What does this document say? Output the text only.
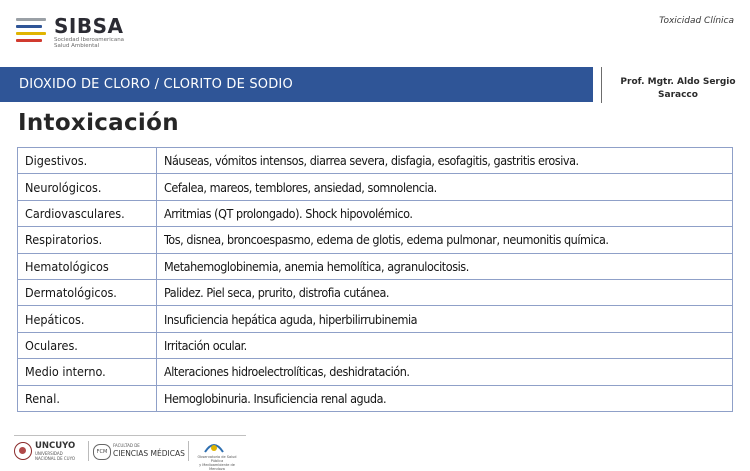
SIBSA
Sociedad Iberoamericana
Salud Ambiental
Toxicidad Clínica
DIOXIDO DE CLORO / CLORITO DE SODIO	Prof. Mgtr. Aldo Sergio
Saracco
Intoxicación
Digestivos.	Náuseas, vómitos intensos, diarrea severa, disfagia, esofagitis, gastritis erosiva.
Neurológicos.	Cefalea, mareos, temblores, ansiedad, somnolencia.
Cardiovasculares.	Arritmias (QT prolongado). Shock hipovolémico.
Respiratorios.	Tos, disnea, broncoespasmo, edema de glotis, edema pulmonar, neumonitis química.
Hematológicos	Metahemoglobinemia, anemia hemolítica, agranulocitosis.
Dermatológicos.	Palidez. Piel seca, prurito, distrofia cutánea.
Hepáticos.	Insuficiencia hepática aguda, hiperbilirrubinemia
Oculares.	Irritación ocular.
Medio interno.	Alteraciones hidroelectrolíticas, deshidratación.
Renal.	Hemoglobinuria. Insuficiencia renal aguda.
UNCUYO
UNIVERSIDAD
NACIONAL DE CUYO
FCM
FACULTAD DE
CIENCIAS MÉDICAS	Observatorio de Salud Pública
y Medioambiente de Mendoza
